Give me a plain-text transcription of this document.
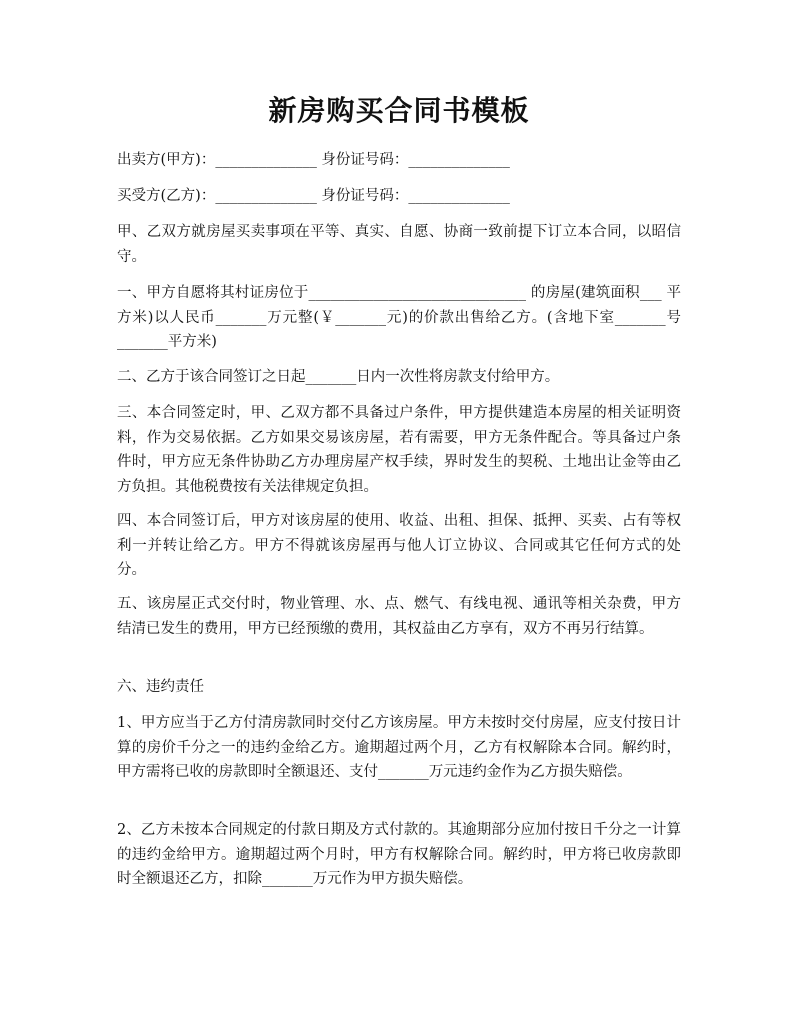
新房购买合同书模板

出卖方(甲方)：______________ 身份证号码：______________

买受方(乙方)：______________ 身份证号码：______________

甲、乙双方就房屋买卖事项在平等、真实、自愿、协商一致前提下订立本合同，以昭信守。

一、甲方自愿将其村证房位于______________________________ 的房屋(建筑面积___ 平方米)以人民币_______万元整(￥_______元)的价款出售给乙方。(含地下室_______号_______平方米)

二、乙方于该合同签订之日起_______日内一次性将房款支付给甲方。

三、本合同签定时，甲、乙双方都不具备过户条件，甲方提供建造本房屋的相关证明资料，作为交易依据。乙方如果交易该房屋，若有需要，甲方无条件配合。等具备过户条件时，甲方应无条件协助乙方办理房屋产权手续，界时发生的契税、土地出让金等由乙方负担。其他税费按有关法律规定负担。

四、本合同签订后，甲方对该房屋的使用、收益、出租、担保、抵押、买卖、占有等权利一并转让给乙方。甲方不得就该房屋再与他人订立协议、合同或其它任何方式的处分。

五、该房屋正式交付时，物业管理、水、点、燃气、有线电视、通讯等相关杂费，甲方结清已发生的费用，甲方已经预缴的费用，其权益由乙方享有，双方不再另行结算。

六、违约责任

1、甲方应当于乙方付清房款同时交付乙方该房屋。甲方未按时交付房屋，应支付按日计算的房价千分之一的违约金给乙方。逾期超过两个月，乙方有权解除本合同。解约时，甲方需将已收的房款即时全额退还、支付_______万元违约金作为乙方损失赔偿。

2、乙方未按本合同规定的付款日期及方式付款的。其逾期部分应加付按日千分之一计算的违约金给甲方。逾期超过两个月时，甲方有权解除合同。解约时，甲方将已收房款即时全额退还乙方，扣除_______万元作为甲方损失赔偿。
